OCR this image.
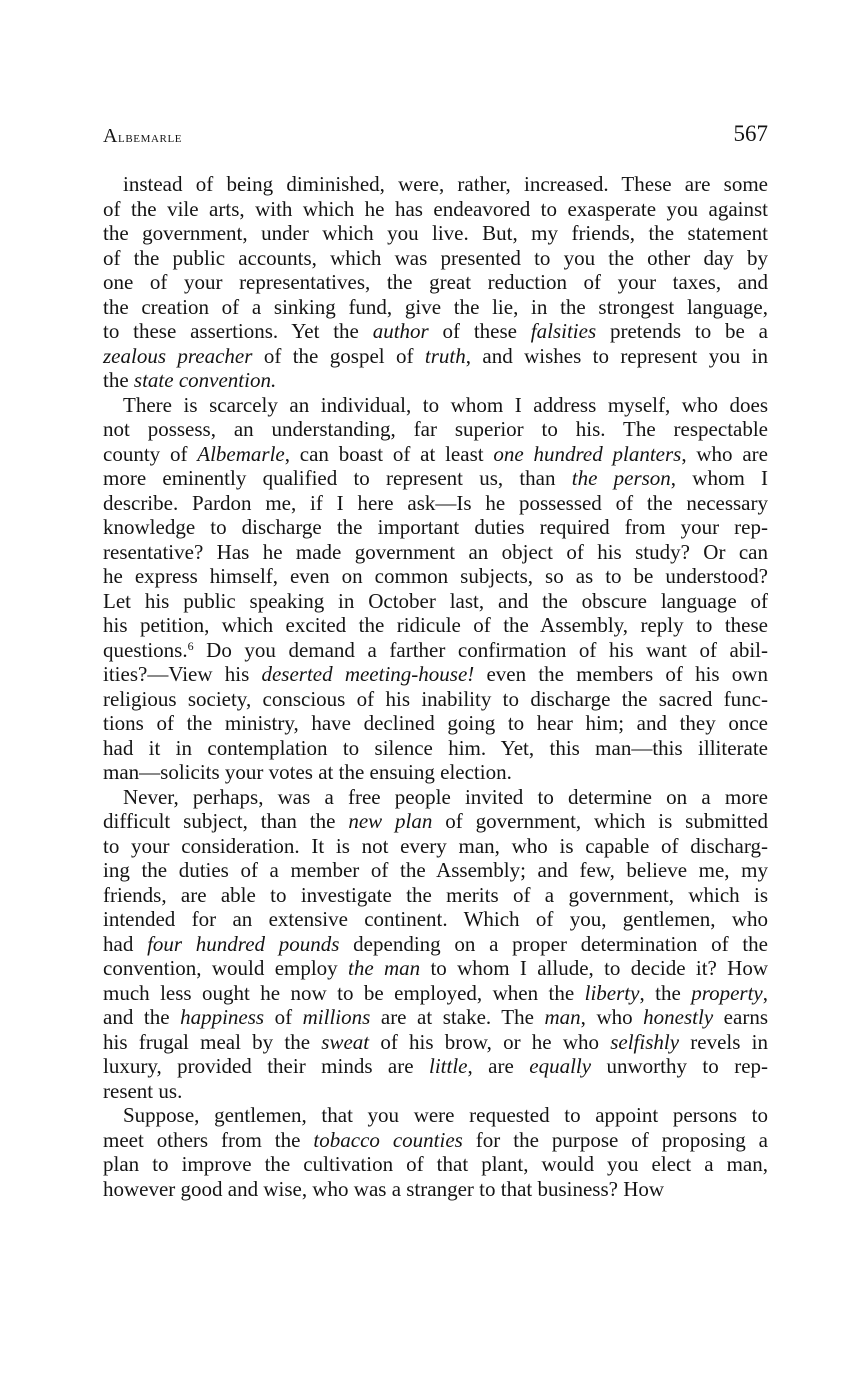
Albemarle	567
instead of being diminished, were, rather, increased. These are some
of the vile arts, with which he has endeavored to exasperate you against
the government, under which you live. But, my friends, the statement
of the public accounts, which was presented to you the other day by
one of your representatives, the great reduction of your taxes, and
the creation of a sinking fund, give the lie, in the strongest language,
to these assertions. Yet the author of these falsities pretends to be a
zealous preacher of the gospel of truth, and wishes to represent you in
the state convention.
There is scarcely an individual, to whom I address myself, who does
not possess, an understanding, far superior to his. The respectable
county of Albemarle, can boast of at least one hundred planters, who are
more eminently qualified to represent us, than the person, whom I
describe. Pardon me, if I here ask—Is he possessed of the necessary
knowledge to discharge the important duties required from your rep-
resentative? Has he made government an object of his study? Or can
he express himself, even on common subjects, so as to be understood?
Let his public speaking in October last, and the obscure language of
his petition, which excited the ridicule of the Assembly, reply to these
questions.$^6$ Do you demand a farther confirmation of his want of abil-
ities?—View his deserted meeting-house! even the members of his own
religious society, conscious of his inability to discharge the sacred func-
tions of the ministry, have declined going to hear him; and they once
had it in contemplation to silence him. Yet, this man—this illiterate
man—solicits your votes at the ensuing election.
Never, perhaps, was a free people invited to determine on a more
difficult subject, than the new plan of government, which is submitted
to your consideration. It is not every man, who is capable of discharg-
ing the duties of a member of the Assembly; and few, believe me, my
friends, are able to investigate the merits of a government, which is
intended for an extensive continent. Which of you, gentlemen, who
had four hundred pounds depending on a proper determination of the
convention, would employ the man to whom I allude, to decide it? How
much less ought he now to be employed, when the liberty, the property,
and the happiness of millions are at stake. The man, who honestly earns
his frugal meal by the sweat of his brow, or he who selfishly revels in
luxury, provided their minds are little, are equally unworthy to rep-
resent us.
Suppose, gentlemen, that you were requested to appoint persons to
meet others from the tobacco counties for the purpose of proposing a
plan to improve the cultivation of that plant, would you elect a man,
however good and wise, who was a stranger to that business? How
